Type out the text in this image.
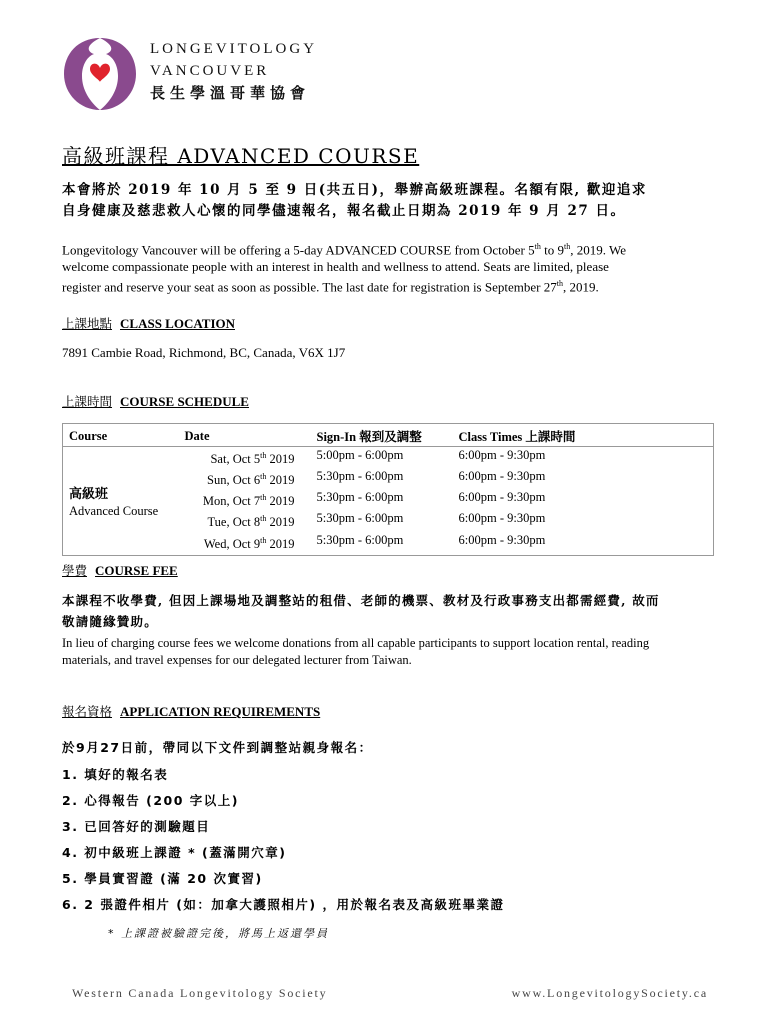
LONGEVITOLOGY
VANCOUVER
長生學溫哥華協會
高級班課程 ADVANCED COURSE
本會將於 2019 年 10 月 5 至 9 日(共五日)，舉辦高級班課程。名額有限, 歡迎追求
自身健康及慈悲救人心懷的同學儘速報名，報名截止日期為 2019 年 9 月 27 日。
Longevitology Vancouver will be offering a 5-day ADVANCED COURSE from October 5th to 9th, 2019. We
welcome compassionate people with an interest in health and wellness to attend. Seats are limited, please
register and reserve your seat as soon as possible. The last date for registration is September 27th, 2019.
上課地點 CLASS LOCATION
7891 Cambie Road, Richmond, BC, Canada, V6X 1J7
上課時間 COURSE SCHEDULE
Course	Date	Sign-In 報到及調整	Class Times 上課時間

高級班
Advanced Course	Sat, Oct 5th 2019	5:00pm - 6:00pm	6:00pm - 9:30pm
	Sun, Oct 6th 2019	5:30pm - 6:00pm	6:00pm - 9:30pm
	Mon, Oct 7th 2019	5:30pm - 6:00pm	6:00pm - 9:30pm
	Tue, Oct 8th 2019	5:30pm - 6:00pm	6:00pm - 9:30pm
	Wed, Oct 9th 2019	5:30pm - 6:00pm	6:00pm - 9:30pm
學費 COURSE FEE
本課程不收學費, 但因上課場地及調整站的租借、老師的機票、教材及行政事務支出都需經費, 故而
敬請隨緣贊助。
In lieu of charging course fees we welcome donations from all capable participants to support location rental, reading
materials, and travel expenses for our delegated lecturer from Taiwan.
報名資格 APPLICATION REQUIREMENTS
於9月27日前，帶同以下文件到調整站親身報名：
1. 填好的報名表
2. 心得報告 (200 字以上)
3. 已回答好的測驗題目
4. 初中級班上課證 * (蓋滿開穴章)
5. 學員實習證 (滿 20 次實習)
6. 2 張證件相片 (如：加拿大護照相片) ，用於報名表及高級班畢業證
* 上課證被驗證完後，將馬上返還學員
Western Canada Longevitology Society	www.LongevitologySociety.ca
